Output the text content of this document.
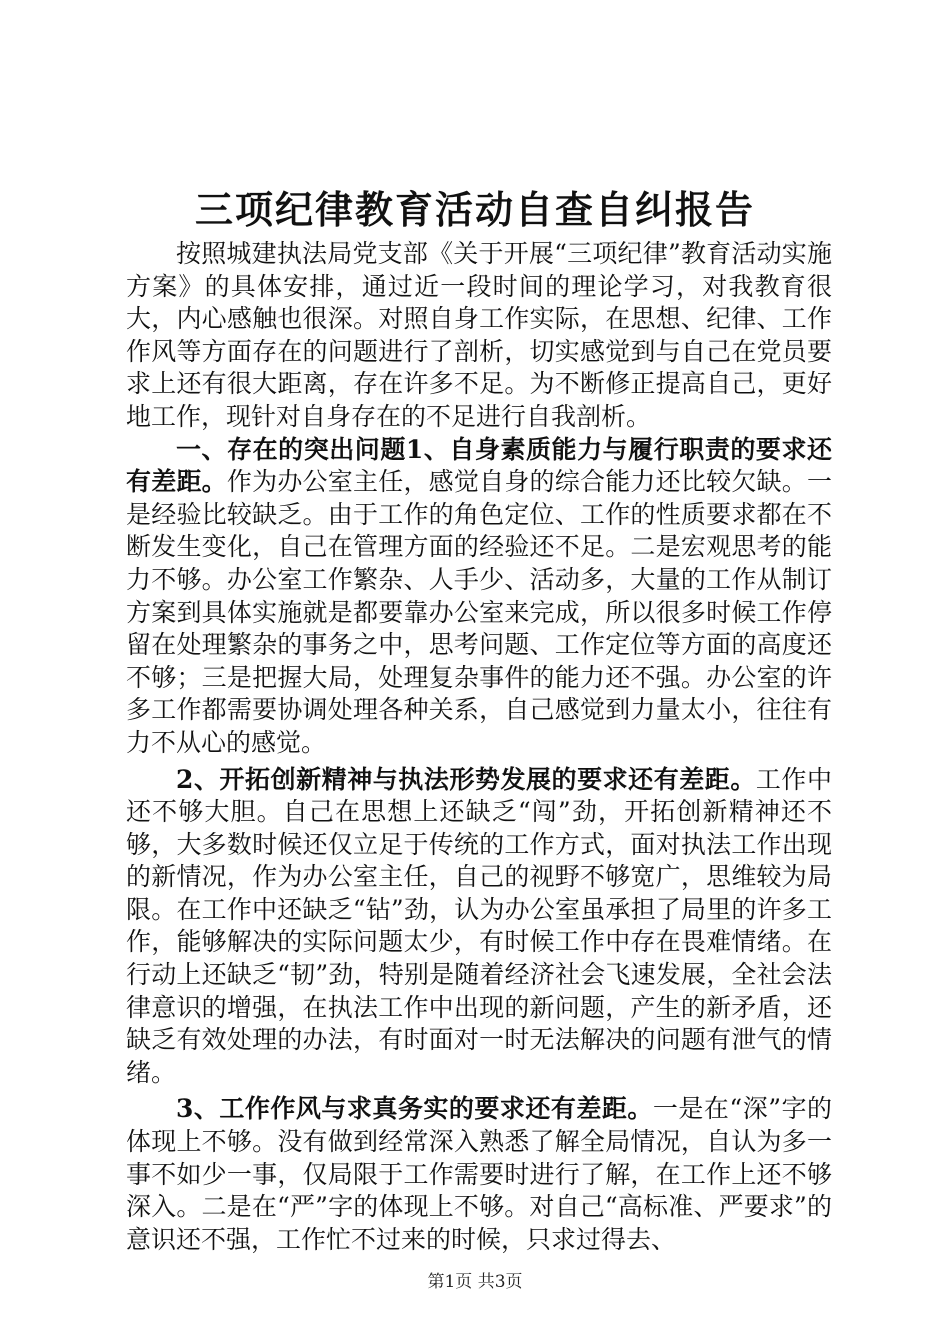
三项纪律教育活动自查自纠报告

按照城建执法局党支部《关于开展“三项纪律”教育活动实施方案》的具体安排，通过近一段时间的理论学习，对我教育很大，内心感触也很深。对照自身工作实际，在思想、纪律、工作作风等方面存在的问题进行了剖析，切实感觉到与自己在党员要求上还有很大距离，存在许多不足。为不断修正提高自己，更好地工作，现针对自身存在的不足进行自我剖析。

一、存在的突出问题1、自身素质能力与履行职责的要求还有差距。作为办公室主任，感觉自身的综合能力还比较欠缺。一是经验比较缺乏。由于工作的角色定位、工作的性质要求都在不断发生变化，自己在管理方面的经验还不足。二是宏观思考的能力不够。办公室工作繁杂、人手少、活动多，大量的工作从制订方案到具体实施就是都要靠办公室来完成，所以很多时候工作停留在处理繁杂的事务之中，思考问题、工作定位等方面的高度还不够；三是把握大局，处理复杂事件的能力还不强。办公室的许多工作都需要协调处理各种关系，自己感觉到力量太小，往往有力不从心的感觉。

2、开拓创新精神与执法形势发展的要求还有差距。工作中还不够大胆。自己在思想上还缺乏“闯”劲，开拓创新精神还不够，大多数时候还仅立足于传统的工作方式，面对执法工作出现的新情况，作为办公室主任，自己的视野不够宽广，思维较为局限。在工作中还缺乏“钻”劲，认为办公室虽承担了局里的许多工作，能够解决的实际问题太少，有时候工作中存在畏难情绪。在行动上还缺乏“韧”劲，特别是随着经济社会飞速发展，全社会法律意识的增强，在执法工作中出现的新问题，产生的新矛盾，还缺乏有效处理的办法，有时面对一时无法解决的问题有泄气的情绪。

3、工作作风与求真务实的要求还有差距。一是在“深”字的体现上不够。没有做到经常深入熟悉了解全局情况，自认为多一事不如少一事，仅局限于工作需要时进行了解，在工作上还不够深入。二是在“严”字的体现上不够。对自己“高标准、严要求”的意识还不强，工作忙不过来的时候，只求过得去、

第1页 共3页
